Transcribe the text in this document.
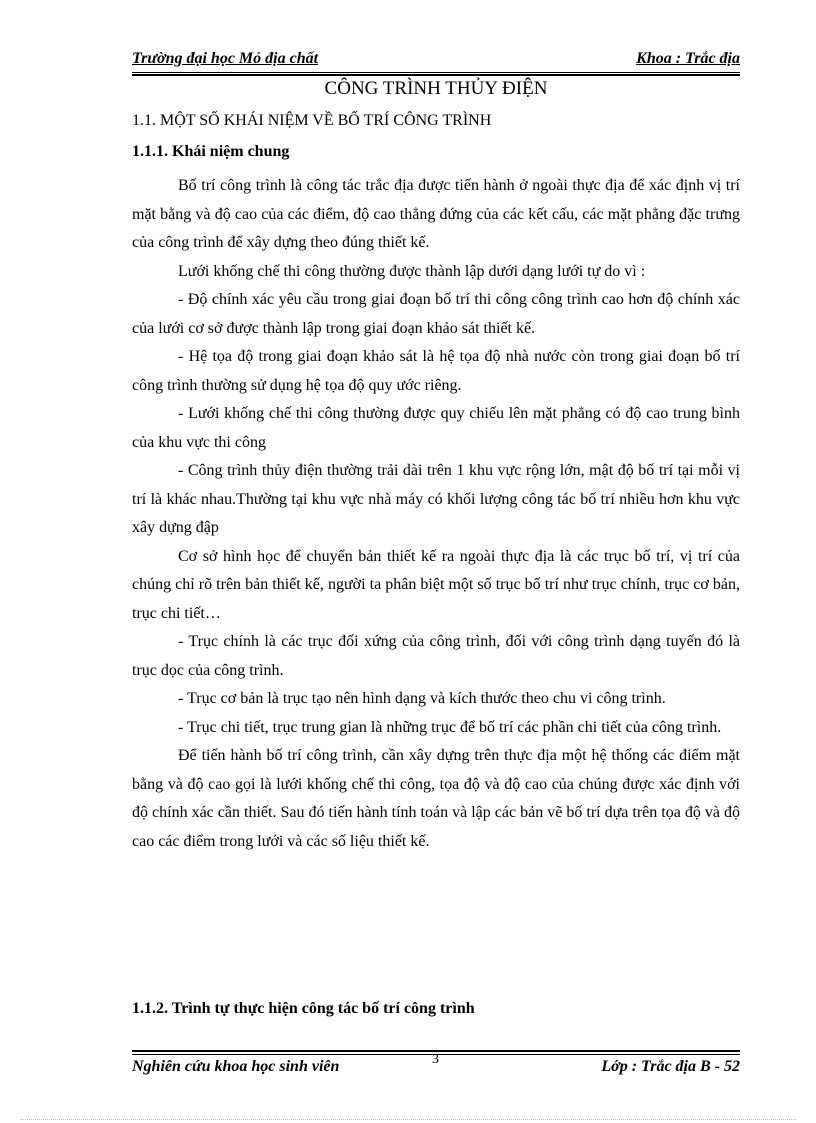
Trường đại học Mỏ địa chất	Khoa : Trắc địa
CÔNG TRÌNH THỦY ĐIỆN
1.1. MỘT SỐ KHÁI NIỆM VỀ BỐ TRÍ CÔNG TRÌNH
1.1.1. Khái niệm chung

Bố trí công trình là công tác trắc địa được tiến hành ở ngoài thực địa để xác định vị trí mặt bằng và độ cao của các điểm, độ cao thẳng đứng của các kết cấu, các mặt phẳng đặc trưng của công trình để xây dựng theo đúng thiết kế.

Lưới khống chế thi công thường được thành lập dưới dạng lưới tự do vì :

- Độ chính xác yêu cầu trong giai đoạn bố trí thi công công trình cao hơn độ chính xác của lưới cơ sở được thành lập trong giai đoạn khảo sát thiết kế.

- Hệ tọa độ trong giai đoạn khảo sát là hệ tọa độ nhà nước còn trong giai đoạn bố trí công trình thường sử dụng hệ tọa độ quy ước riêng.

- Lưới khống chế thi công thường được quy chiếu lên mặt phẳng có độ cao trung bình của khu vực thi công

- Công trình thủy điện thường trải dài trên 1 khu vực rộng lớn, mật độ bố trí tại mỗi vị trí là khác nhau.Thường tại khu vực nhà máy có khối lượng công tác bố trí nhiều hơn khu vực xây dựng đập

Cơ sở hình học để chuyển bản thiết kế ra ngoài thực địa là các trục bố trí, vị trí của chúng chỉ rõ trên bản thiết kế, người ta phân biệt một số trục bố trí như trục chính, trục cơ bản, trục chi tiết…

- Trục chính là các trục đối xứng của công trình, đối với công trình dạng tuyến đó là trục dọc của công trình.

- Trục cơ bản là trục tạo nên hình dạng và kích thước theo chu vi công trình.

- Trục chi tiết, trục trung gian là những trục để bố trí các phần chi tiết của công trình.

Để tiến hành bố trí công trình, cần xây dựng trên thực địa một hệ thống các điểm mặt bằng và độ cao gọi là lưới khống chế thi công, tọa độ và độ cao của chúng được xác định với độ chính xác cần thiết. Sau đó tiến hành tính toán và lập các bản vẽ bố trí dựa trên tọa độ và độ cao các điểm trong lưới và các số liệu thiết kế.

1.1.2. Trình tự thực hiện công tác bố trí công trình
Nghiên cứu khoa học sinh viên	3	Lớp : Trắc địa B - 52
